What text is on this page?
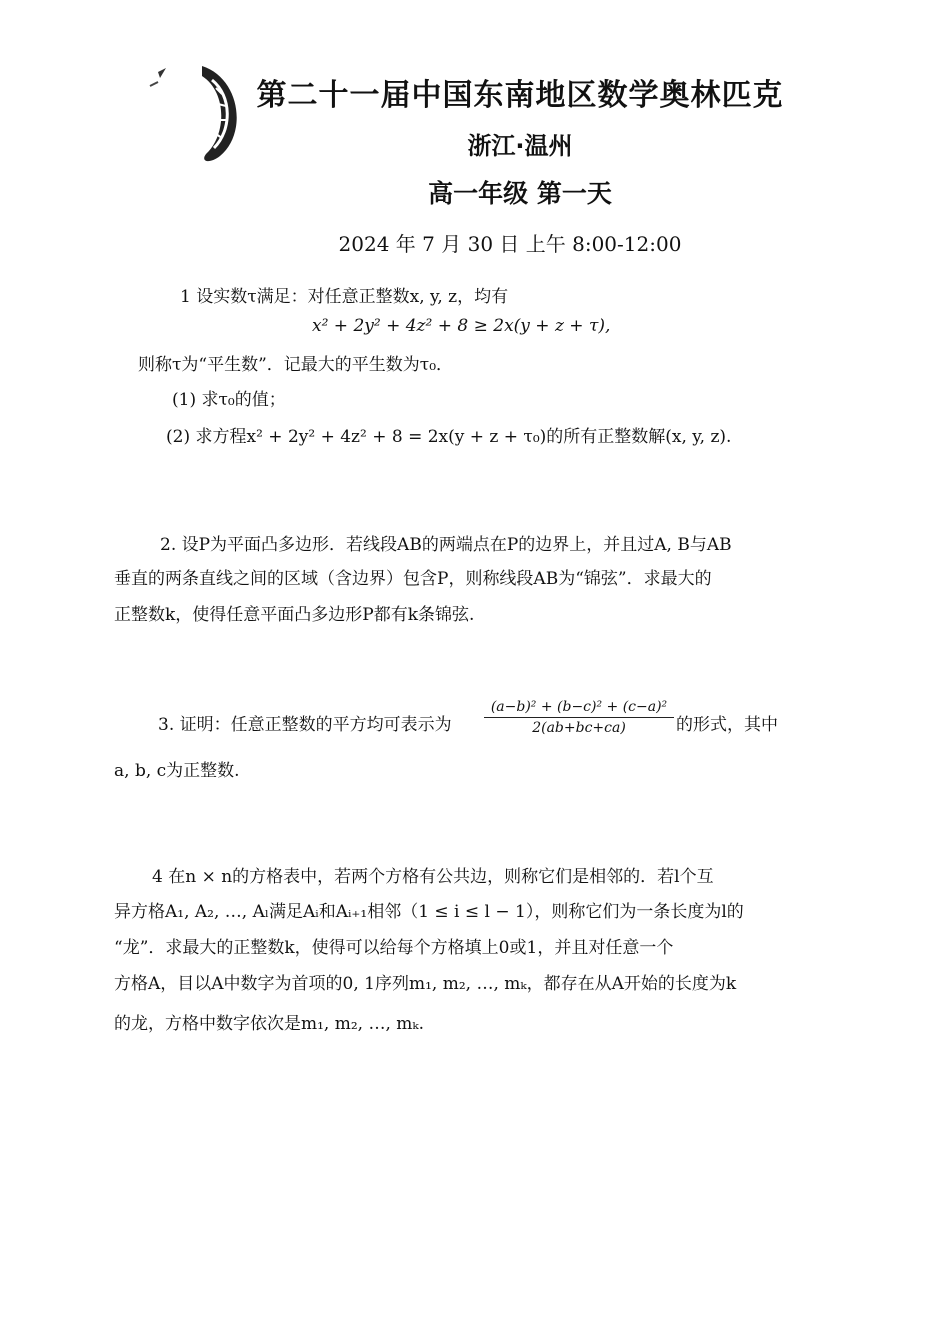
第二十一届中国东南地区数学奥林匹克
浙江·温州
高一年级 第一天
2024 年 7 月 30 日 上午 8:00-12:00
1 设实数τ满足：对任意正整数x, y, z，均有
x² + 2y² + 4z² + 8 ≥ 2x(y + z + τ),
则称τ为“平生数”．记最大的平生数为τ₀．
(1) 求τ₀的值；
(2) 求方程x² + 2y² + 4z² + 8 = 2x(y + z + τ₀)的所有正整数解(x, y, z).
2. 设P为平面凸多边形．若线段AB的两端点在P的边界上，并且过A, B与AB
垂直的两条直线之间的区域（含边界）包含P，则称线段AB为“锦弦”．求最大的
正整数k，使得任意平面凸多边形P都有k条锦弦.
3. 证明：任意正整数的平方均可表示为 $\frac{\text{(a−b)² + (b−c)² + (c−a)²}}{2(ab+bc+ca)}$ 的形式，其中
a, b, c为正整数.
4 在n × n的方格表中，若两个方格有公共边，则称它们是相邻的．若l个互
异方格A₁, A₂, …, Aₗ满足Aᵢ和Aᵢ₊₁相邻（1 ≤ i ≤ l − 1），则称它们为一条长度为l的
“龙”．求最大的正整数k，使得可以给每个方格填上0或1，并且对任意一个
方格A，目以A中数字为首项的0, 1序列m₁, m₂, …, mₖ，都存在从A开始的长度为k
的龙，方格中数字依次是m₁, m₂, …, mₖ.
